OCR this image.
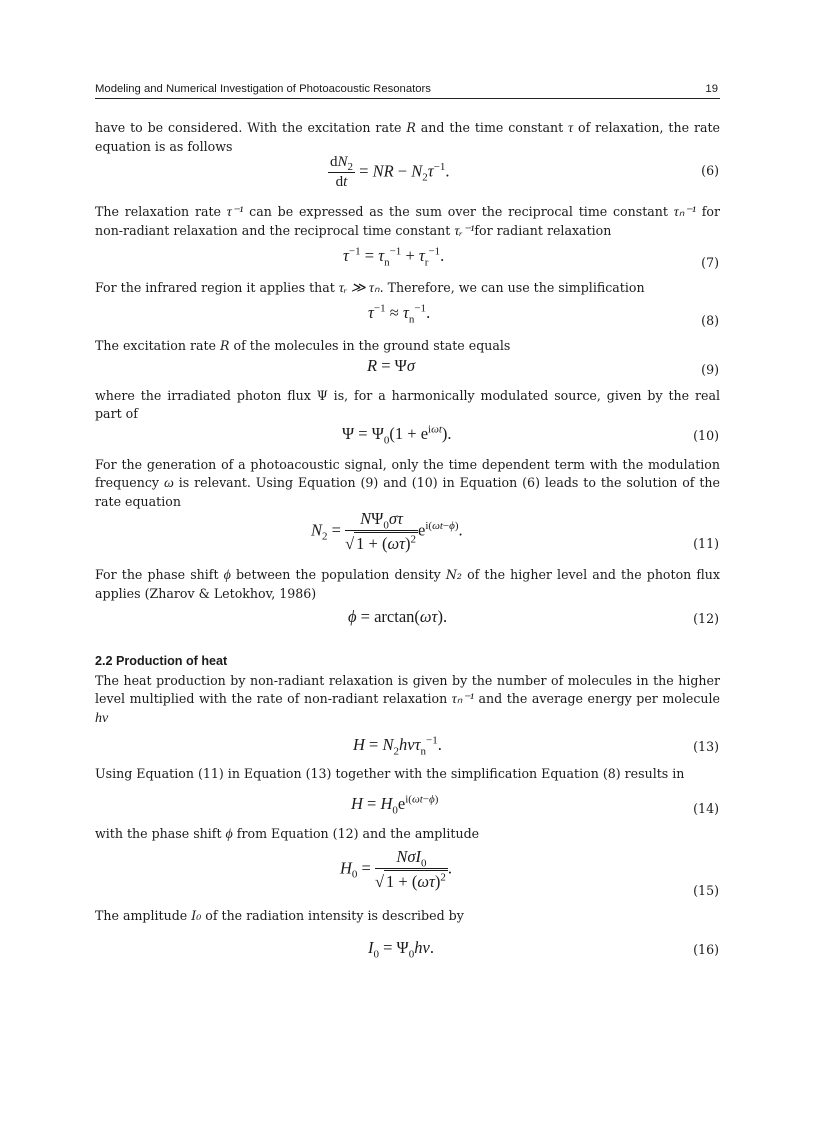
Modeling and Numerical Investigation of Photoacoustic Resonators	19

have to be considered. With the excitation rate R and the time constant τ of relaxation, the rate equation is as follows

$\frac{dN_2}{dt}$ = NR − $N_2\tau^{-1}$.	(6)

The relaxation rate τ⁻¹ can be expressed as the sum over the reciprocal time constant τₙ⁻¹ for non-radiant relaxation and the reciprocal time constant τᵣ⁻¹for radiant relaxation

$\tau^{-1} = \tau_n^{-1} + \tau_r^{-1}$.	(7)

For the infrared region it applies that τᵣ ≫ τₙ. Therefore, we can use the simplification

$\tau^{-1} \approx \tau_n^{-1}$.	(8)

The excitation rate R of the molecules in the ground state equals

R = Ψσ	(9)

where the irradiated photon flux Ψ is, for a harmonically modulated source, given by the real part of

$\Psi = \Psi_0(1 + e^{i\omega t})$.	(10)

For the generation of a photoacoustic signal, only the time dependent term with the modulation frequency ω is relevant. Using Equation (9) and (10) in Equation (6) leads to the solution of the rate equation

$N_2 = \frac{N\Psi_0\sigma\tau}{√ 1 + (\omega\tau)^2} e^{i(\omega t-\phi)}$.
(11)

For the phase shift ϕ between the population density N₂ of the higher level and the photon flux applies (Zharov & Letokhov, 1986)

ϕ = arctan(ωτ).	(12)
2.2 Production of heat

The heat production by non-radiant relaxation is given by the number of molecules in the higher level multiplied with the rate of non-radiant relaxation τₙ⁻¹ and the average energy per molecule hν

$H = N_2h\nu\tau_n^{-1}$.	(13)

Using Equation (11) in Equation (13) together with the simplification Equation (8) results in

$H = H_0e^{i(\omega t-\phi)}$
(14)

with the phase shift ϕ from Equation (12) and the amplitude

$H_0 = \frac{N\sigma I_0}{√ 1 + (\omega\tau)^2}$ .
(15)

The amplitude I₀ of the radiation intensity is described by

$I_0 = \Psi_0h\nu$.	(16)
